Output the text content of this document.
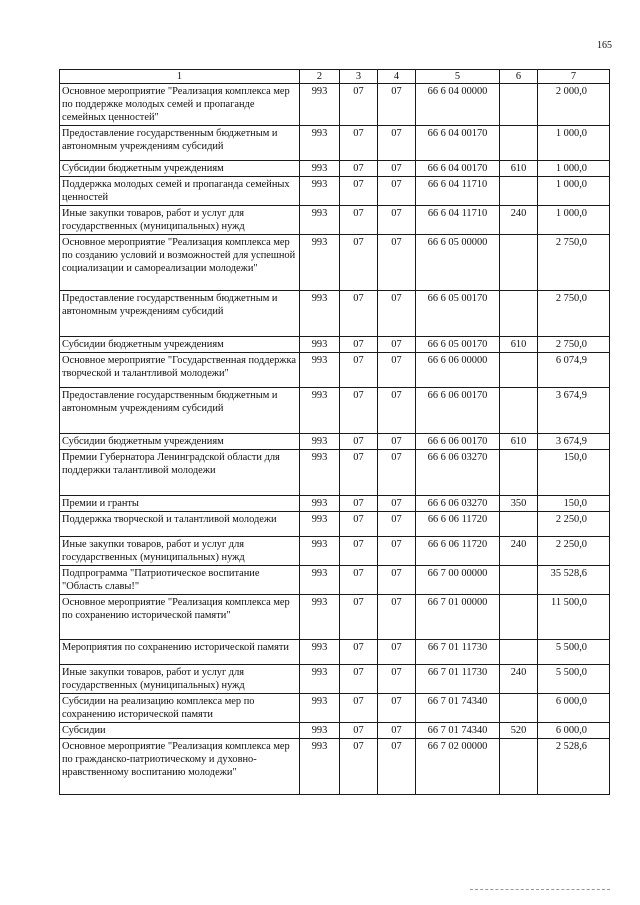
165
1	2	3	4	5	6	7
Основное мероприятие "Реализация комплекса мер по поддержке молодых семей и пропаганде семейных ценностей"	993	07	07	66 6 04 00000		2 000,0
Предоставление государственным бюджетным и автономным учреждениям субсидий	993	07	07	66 6 04 00170		1 000,0
Субсидии бюджетным учреждениям	993	07	07	66 6 04 00170	610	1 000,0
Поддержка молодых семей и пропаганда семейных ценностей	993	07	07	66 6 04 11710		1 000,0
Иные закупки товаров, работ и услуг для государственных (муниципальных) нужд	993	07	07	66 6 04 11710	240	1 000,0
Основное мероприятие "Реализация комплекса мер по созданию условий и возможностей для успешной социализации и самореализации молодежи"	993	07	07	66 6 05 00000		2 750,0
Предоставление государственным бюджетным и автономным учреждениям субсидий	993	07	07	66 6 05 00170		2 750,0
Субсидии бюджетным учреждениям	993	07	07	66 6 05 00170	610	2 750,0
Основное мероприятие "Государственная поддержка творческой и талантливой молодежи"	993	07	07	66 6 06 00000		6 074,9
Предоставление государственным бюджетным и автономным учреждениям субсидий	993	07	07	66 6 06 00170		3 674,9
Субсидии бюджетным учреждениям	993	07	07	66 6 06 00170	610	3 674,9
Премии Губернатора Ленинградской области для поддержки талантливой молодежи	993	07	07	66 6 06 03270		150,0
Премии и гранты	993	07	07	66 6 06 03270	350	150,0
Поддержка творческой и талантливой молодежи	993	07	07	66 6 06 11720		2 250,0
Иные закупки товаров, работ и услуг для государственных (муниципальных) нужд	993	07	07	66 6 06 11720	240	2 250,0
Подпрограмма "Патриотическое воспитание "Область славы!"	993	07	07	66 7 00 00000		35 528,6
Основное мероприятие "Реализация комплекса мер по сохранению исторической памяти"	993	07	07	66 7 01 00000		11 500,0
Мероприятия по сохранению исторической памяти	993	07	07	66 7 01 11730		5 500,0
Иные закупки товаров, работ и услуг для государственных (муниципальных) нужд	993	07	07	66 7 01 11730	240	5 500,0
Субсидии на реализацию комплекса мер по сохранению исторической памяти	993	07	07	66 7 01 74340		6 000,0
Субсидии	993	07	07	66 7 01 74340	520	6 000,0
Основное мероприятие "Реализация комплекса мер по гражданско-патриотическому и духовно-нравственному воспитанию молодежи"	993	07	07	66 7 02 00000		2 528,6
